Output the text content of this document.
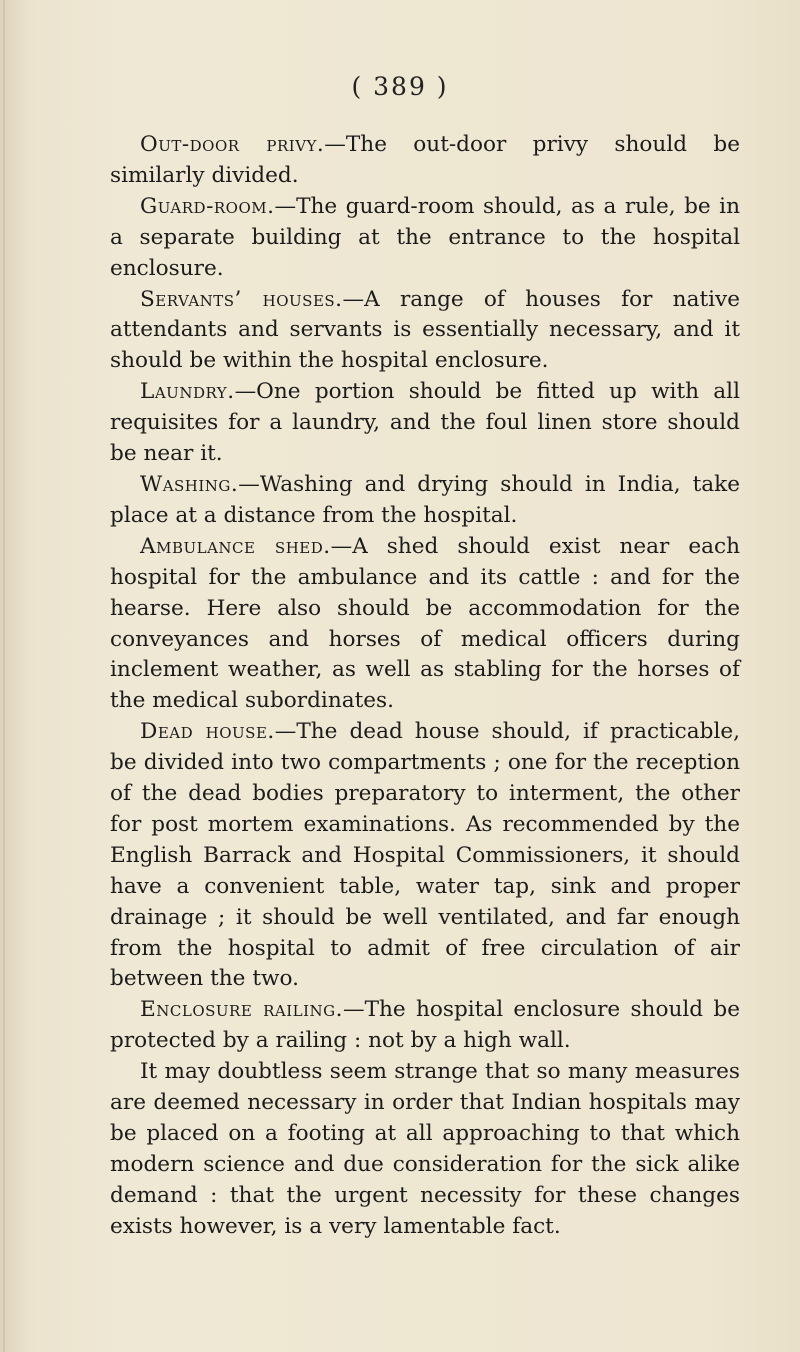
( 389 )

Out-door privy.—The out-door privy should be similarly divided.

Guard-room.—The guard-room should, as a rule, be in a separate building at the entrance to the hospital enclosure.

Servants’ houses.—A range of houses for native attendants and servants is essentially necessary, and it should be within the hospital enclosure.

Laundry.—One portion should be fitted up with all requisites for a laundry, and the foul linen store should be near it.

Washing.—Washing and drying should in India, take place at a distance from the hospital.

Ambulance shed.—A shed should exist near each hospital for the ambulance and its cattle : and for the hearse. Here also should be accommodation for the conveyances and horses of medical officers during inclement weather, as well as stabling for the horses of the medical subordinates.

Dead house.—The dead house should, if practicable, be divided into two compartments ; one for the reception of the dead bodies preparatory to interment, the other for post mortem examinations. As recommended by the English Barrack and Hospital Commissioners, it should have a convenient table, water tap, sink and proper drainage ; it should be well ventilated, and far enough from the hospital to admit of free circulation of air between the two.

Enclosure railing.—The hospital enclosure should be protected by a railing : not by a high wall.

It may doubtless seem strange that so many measures are deemed necessary in order that Indian hospitals may be placed on a footing at all approaching to that which modern science and due consideration for the sick alike demand : that the urgent necessity for these changes exists however, is a very lamentable fact.
